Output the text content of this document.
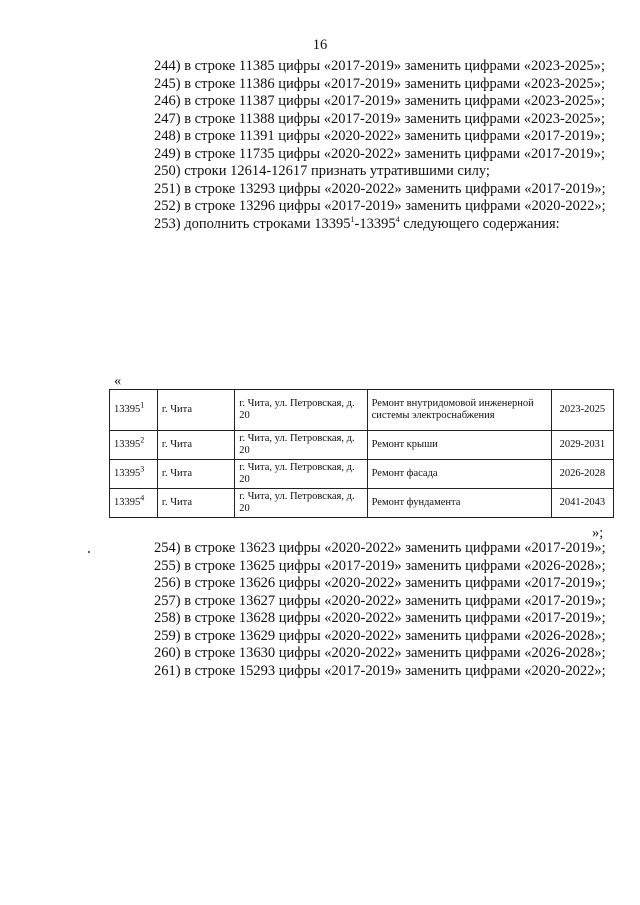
16

244) в строке 11385 цифры «2017-2019» заменить цифрами «2023-2025»;

245) в строке 11386 цифры «2017-2019» заменить цифрами «2023-2025»;

246) в строке 11387 цифры «2017-2019» заменить цифрами «2023-2025»;

247) в строке 11388 цифры «2017-2019» заменить цифрами «2023-2025»;

248) в строке 11391 цифры «2020-2022» заменить цифрами «2017-2019»;

249) в строке 11735 цифры «2020-2022» заменить цифрами «2017-2019»;

250) строки 12614-12617 признать утратившими силу;

251) в строке 13293 цифры «2020-2022» заменить цифрами «2017-2019»;

252) в строке 13296 цифры «2017-2019» заменить цифрами «2020-2022»;

253) дополнить строками 13395$^1$-13395$^4$ следующего содержания:

«
13395$^1$	г. Чита	г. Чита, ул. Петровская, д. 20	Ремонт внутридомовой инженерной системы электроснабжения	2023-2025
13395$^2$	г. Чита	г. Чита, ул. Петровская, д. 20	Ремонт крыши	2029-2031
13395$^3$	г. Чита	г. Чита, ул. Петровская, д. 20	Ремонт фасада	2026-2028
13395$^4$	г. Чита	г. Чита, ул. Петровская, д. 20	Ремонт фундамента	2041-2043
»;

254) в строке 13623 цифры «2020-2022» заменить цифрами «2017-2019»;

255) в строке 13625 цифры «2017-2019» заменить цифрами «2026-2028»;

256) в строке 13626 цифры «2020-2022» заменить цифрами «2017-2019»;

257) в строке 13627 цифры «2020-2022» заменить цифрами «2017-2019»;

258) в строке 13628 цифры «2020-2022» заменить цифрами «2017-2019»;

259) в строке 13629 цифры «2020-2022» заменить цифрами «2026-2028»;

260) в строке 13630 цифры «2020-2022» заменить цифрами «2026-2028»;

261) в строке 15293 цифры «2017-2019» заменить цифрами «2020-2022»;
